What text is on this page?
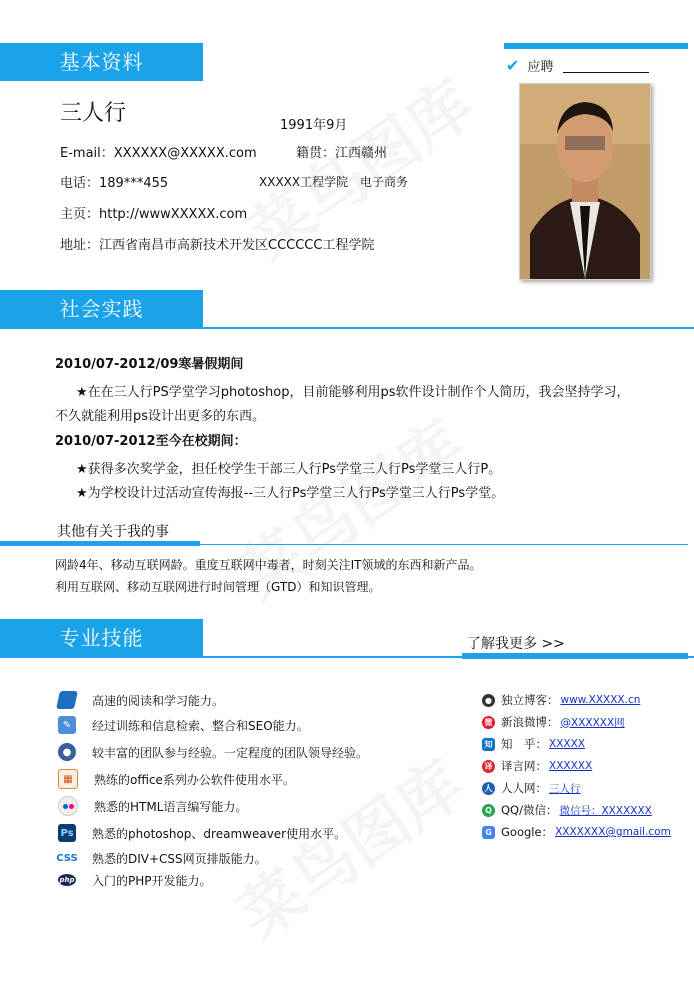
基本资料
三人行	1991年9月
E-mail：XXXXXX@XXXXX.com	籍贯：江西赣州
电话：189***455	XXXXX工程学院 电子商务
主页：http://wwwXXXXX.com
地址：江西省南昌市高新技术开发区CCCCCC工程学院
✔ 应聘
社会实践
2010/07-2012/09寒暑假期间
★在在三人行PS学堂学习photoshop，目前能够利用ps软件设计制作个人简历，我会坚持学习，
不久就能利用ps设计出更多的东西。
2010/07-2012至今在校期间：
★获得多次奖学金，担任校学生干部三人行Ps学堂三人行Ps学堂三人行P。
★为学校设计过活动宣传海报--三人行Ps学堂三人行Ps学堂三人行Ps学堂。
其他有关于我的事
网龄4年、移动互联网龄。重度互联网中毒者，时刻关注IT领域的东西和新产品。
利用互联网、移动互联网进行时间管理（GTD）和知识管理。
专业技能	了解我更多 >>
高速的阅读和学习能力。
✎	经过训练和信息检索、整合和SEO能力。
●	较丰富的团队参与经验。一定程度的团队领导经验。
▦	熟练的office系列办公软件使用水平。
熟悉的HTML语言编写能力。
Ps 熟悉的photoshop、dreamweaver使用水平。
CSS 熟悉的DIV+CSS网页排版能力。
php 入门的PHP开发能力。
● 独立博客： www.XXXXX.cn
微 新浪微博： @XXXXXX网
知 知　乎： XXXXX
译 译言网： XXXXXX
人 人人网： 三人行
Q QQ/微信： 微信号：XXXXXXX
G Google： XXXXXXX@gmail.com
